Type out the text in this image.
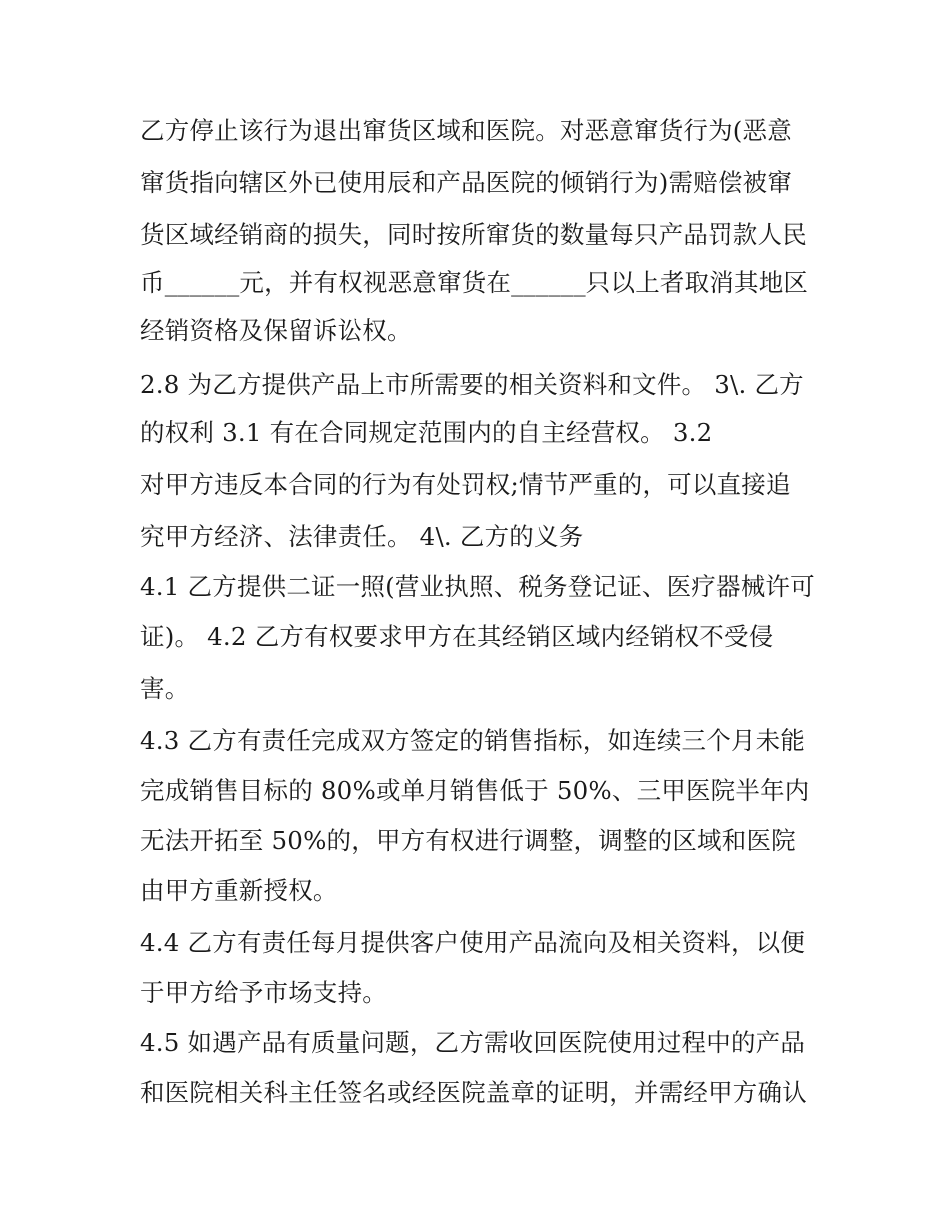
乙方停止该行为退出窜货区域和医院。对恶意窜货行为(恶意
窜货指向辖区外已使用辰和产品医院的倾销行为)需赔偿被窜
货区域经销商的损失，同时按所窜货的数量每只产品罚款人民
币______元，并有权视恶意窜货在______只以上者取消其地区
经销资格及保留诉讼权。
2.8 为乙方提供产品上市所需要的相关资料和文件。 3\. 乙方
的权利 3.1 有在合同规定范围内的自主经营权。 3.2
对甲方违反本合同的行为有处罚权;情节严重的，可以直接追
究甲方经济、法律责任。 4\. 乙方的义务
4.1 乙方提供二证一照(营业执照、税务登记证、医疗器械许可
证)。 4.2 乙方有权要求甲方在其经销区域内经销权不受侵
害。
4.3 乙方有责任完成双方签定的销售指标，如连续三个月未能
完成销售目标的 80%或单月销售低于 50%、三甲医院半年内
无法开拓至 50%的，甲方有权进行调整，调整的区域和医院
由甲方重新授权。
4.4 乙方有责任每月提供客户使用产品流向及相关资料，以便
于甲方给予市场支持。
4.5 如遇产品有质量问题，乙方需收回医院使用过程中的产品
和医院相关科主任签名或经医院盖章的证明，并需经甲方确认
